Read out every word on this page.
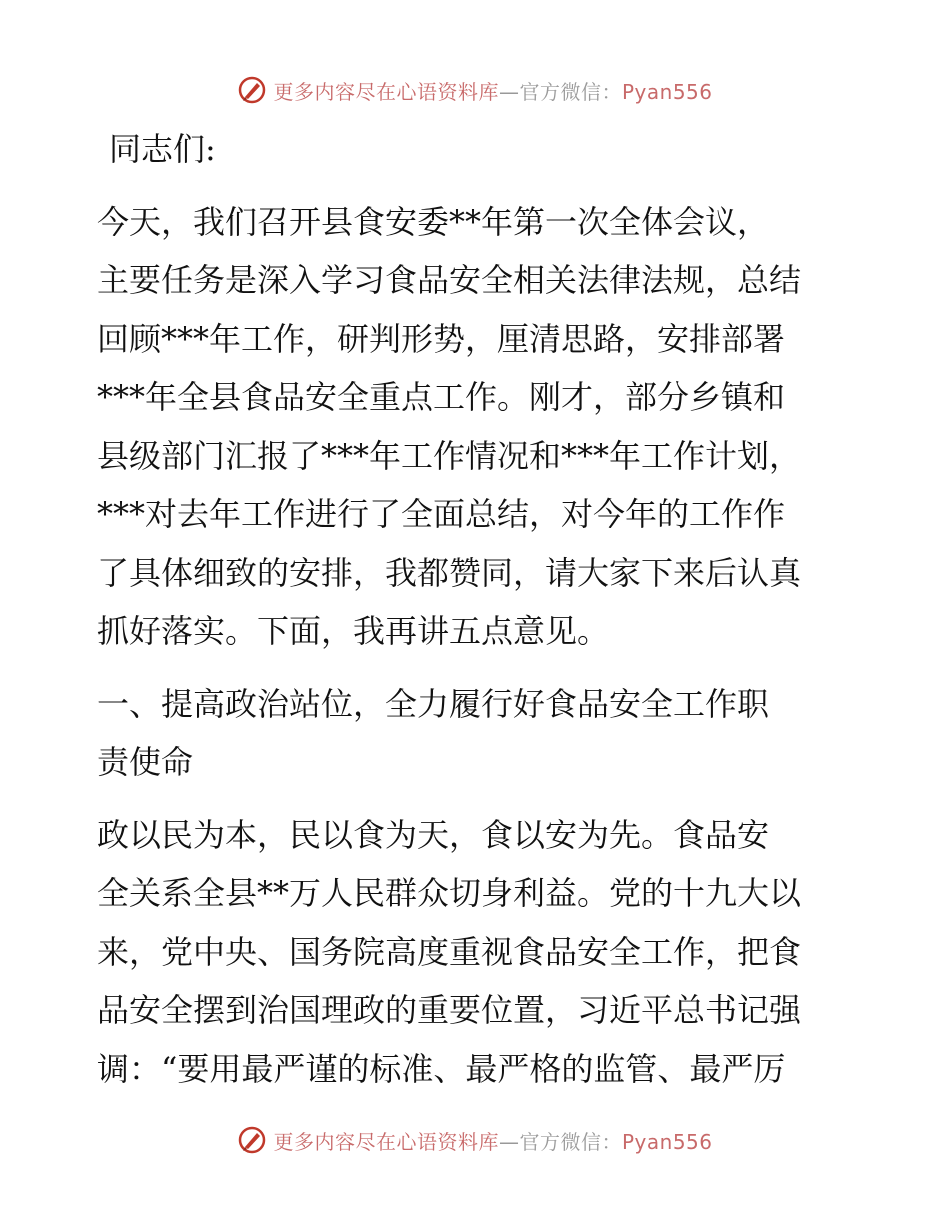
更多内容尽在心语资料库—官方微信：Pyan556

同志们:

今天，我们召开县食安委**年第一次全体会议，
主要任务是深入学习食品安全相关法律法规，总结
回顾***年工作，研判形势，厘清思路，安排部署
***年全县食品安全重点工作。刚才，部分乡镇和
县级部门汇报了***年工作情况和***年工作计划，
***对去年工作进行了全面总结，对今年的工作作
了具体细致的安排，我都赞同，请大家下来后认真
抓好落实。下面，我再讲五点意见。

一、提高政治站位，全力履行好食品安全工作职
责使命

政以民为本，民以食为天，食以安为先。食品安
全关系全县**万人民群众切身利益。党的十九大以
来，党中央、国务院高度重视食品安全工作，把食
品安全摆到治国理政的重要位置，习近平总书记强
调：“要用最严谨的标准、最严格的监管、最严厉

更多内容尽在心语资料库—官方微信：Pyan556
